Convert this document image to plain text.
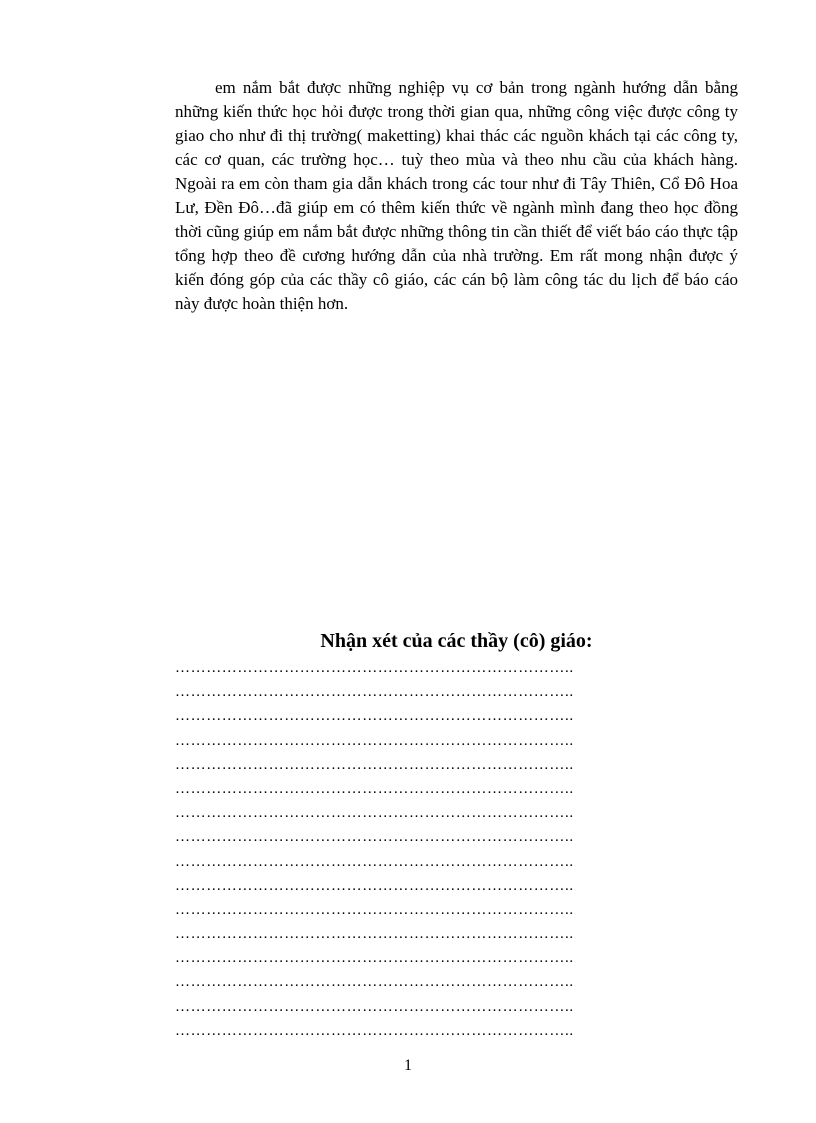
em nắm bắt được những nghiệp vụ cơ bản trong ngành hướng dẫn bằng những kiến thức học hỏi được trong thời gian qua, những công việc được công ty giao cho như đi thị trường( maketting) khai thác các nguồn khách tại các công ty, các cơ quan, các trường học… tuỳ theo mùa và theo nhu cầu của khách hàng. Ngoài ra em còn tham gia dẫn khách trong các tour như đi Tây Thiên, Cổ Đô Hoa Lư, Đền Đô…đã giúp em có thêm kiến thức về ngành mình đang theo học đồng thời cũng giúp em nắm bắt được những thông tin cần thiết để viết báo cáo thực tập tổng hợp theo đề cương hướng dẫn của nhà trường. Em rất mong nhận được ý kiến đóng góp của các thầy cô giáo, các cán bộ làm công tác du lịch để báo cáo này được hoàn thiện hơn.

Nhận xét của các thầy (cô) giáo:
…………………………………………………………………..
…………………………………………………………………..
…………………………………………………………………..
…………………………………………………………………..
…………………………………………………………………..
…………………………………………………………………..
…………………………………………………………………..
…………………………………………………………………..
…………………………………………………………………..
…………………………………………………………………..
…………………………………………………………………..
…………………………………………………………………..
…………………………………………………………………..
…………………………………………………………………..
…………………………………………………………………..
…………………………………………………………………..
1
